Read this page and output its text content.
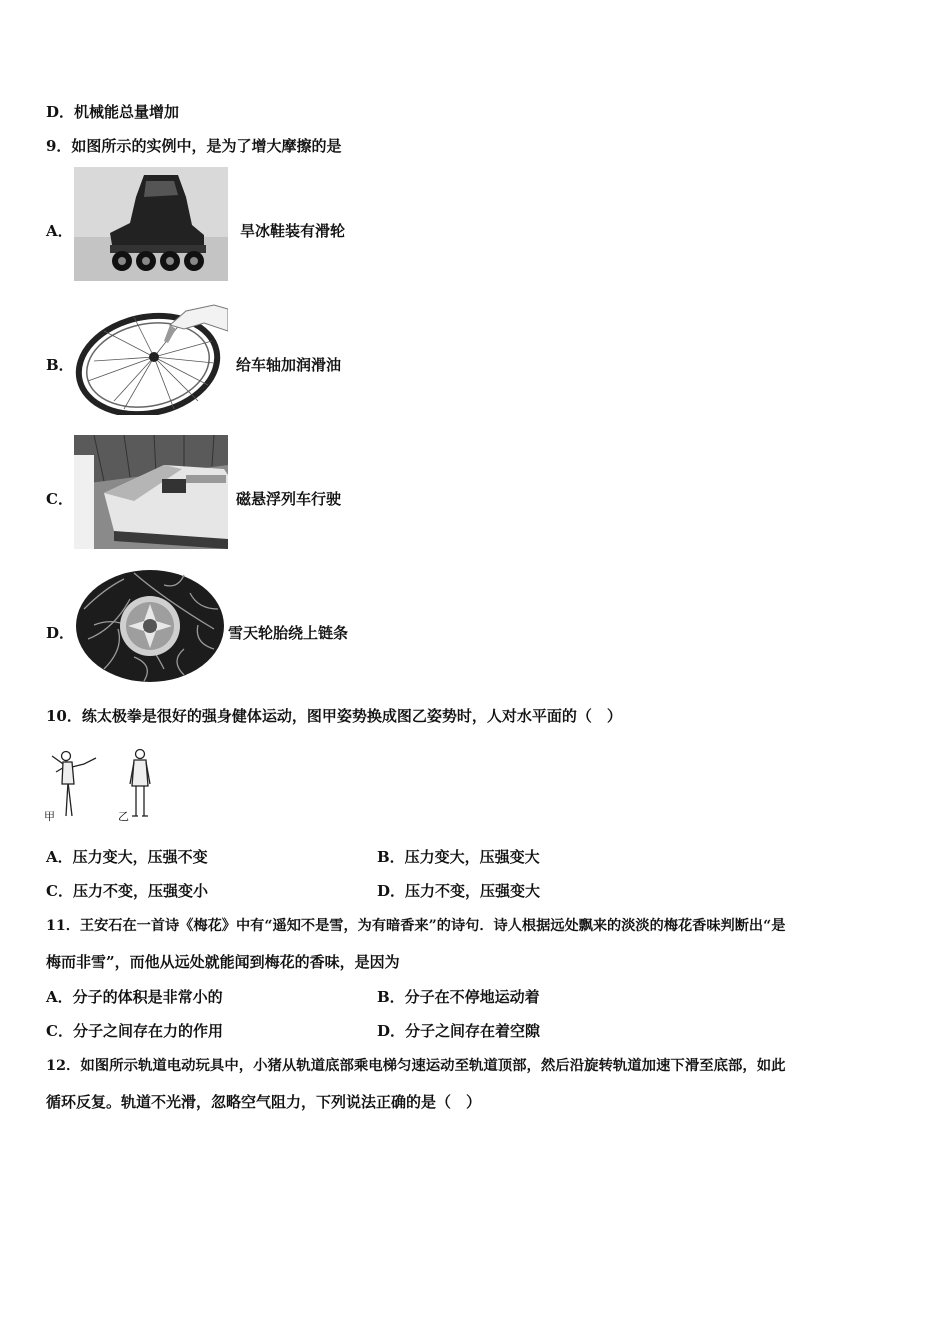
D．机械能总量增加
9．如图所示的实例中，是为了增大摩擦的是
A．	旱冰鞋装有滑轮
B．	给车轴加润滑油
C．	磁悬浮列车行驶
D．	雪天轮胎绕上链条
10．练太极拳是很好的强身健体运动，图甲姿势换成图乙姿势时，人对水平面的（　）
甲	乙
A．压力变大，压强不变	B．压力变大，压强变大
C．压力不变，压强变小	D．压力不变，压强变大
11．王安石在一首诗《梅花》中有“遥知不是雪，为有暗香来”的诗句．诗人根据远处飘来的淡淡的梅花香味判断出“是
梅而非雪”，而他从远处就能闻到梅花的香味，是因为
A．分子的体积是非常小的	B．分子在不停地运动着
C．分子之间存在力的作用	D．分子之间存在着空隙
12．如图所示轨道电动玩具中，小猪从轨道底部乘电梯匀速运动至轨道顶部，然后沿旋转轨道加速下滑至底部，如此
循环反复。轨道不光滑，忽略空气阻力，下列说法正确的是（　）
